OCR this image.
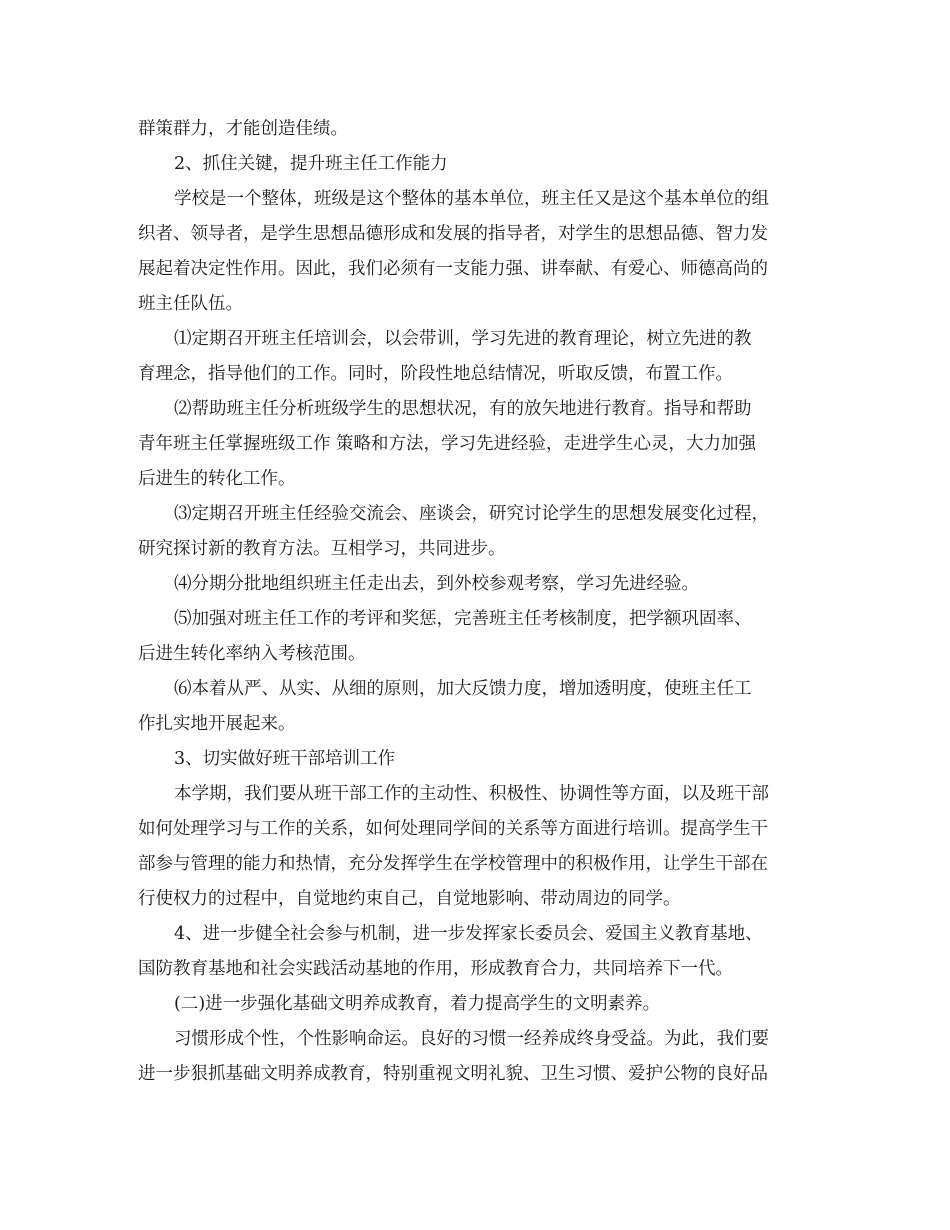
群策群力，才能创造佳绩。
2、抓住关键，提升班主任工作能力
学校是一个整体，班级是这个整体的基本单位，班主任又是这个基本单位的组
织者、领导者，是学生思想品德形成和发展的指导者，对学生的思想品德、智力发
展起着决定性作用。因此，我们必须有一支能力强、讲奉献、有爱心、师德高尚的
班主任队伍。
⑴定期召开班主任培训会，以会带训，学习先进的教育理论，树立先进的教
育理念，指导他们的工作。同时，阶段性地总结情况，听取反馈，布置工作。
⑵帮助班主任分析班级学生的思想状况，有的放矢地进行教育。指导和帮助
青年班主任掌握班级工作 策略和方法，学习先进经验，走进学生心灵，大力加强
后进生的转化工作。
⑶定期召开班主任经验交流会、座谈会，研究讨论学生的思想发展变化过程，
研究探讨新的教育方法。互相学习，共同进步。
⑷分期分批地组织班主任走出去，到外校参观考察，学习先进经验。
⑸加强对班主任工作的考评和奖惩，完善班主任考核制度，把学额巩固率、
后进生转化率纳入考核范围。
⑹本着从严、从实、从细的原则，加大反馈力度，增加透明度，使班主任工
作扎实地开展起来。
3、切实做好班干部培训工作
本学期，我们要从班干部工作的主动性、积极性、协调性等方面，以及班干部
如何处理学习与工作的关系，如何处理同学间的关系等方面进行培训。提高学生干
部参与管理的能力和热情，充分发挥学生在学校管理中的积极作用，让学生干部在
行使权力的过程中，自觉地约束自己，自觉地影响、带动周边的同学。
4、进一步健全社会参与机制，进一步发挥家长委员会、爱国主义教育基地、
国防教育基地和社会实践活动基地的作用，形成教育合力，共同培养下一代。
(二)进一步强化基础文明养成教育，着力提高学生的文明素养。
习惯形成个性，个性影响命运。良好的习惯一经养成终身受益。为此，我们要
进一步狠抓基础文明养成教育，特别重视文明礼貌、卫生习惯、爱护公物的良好品
